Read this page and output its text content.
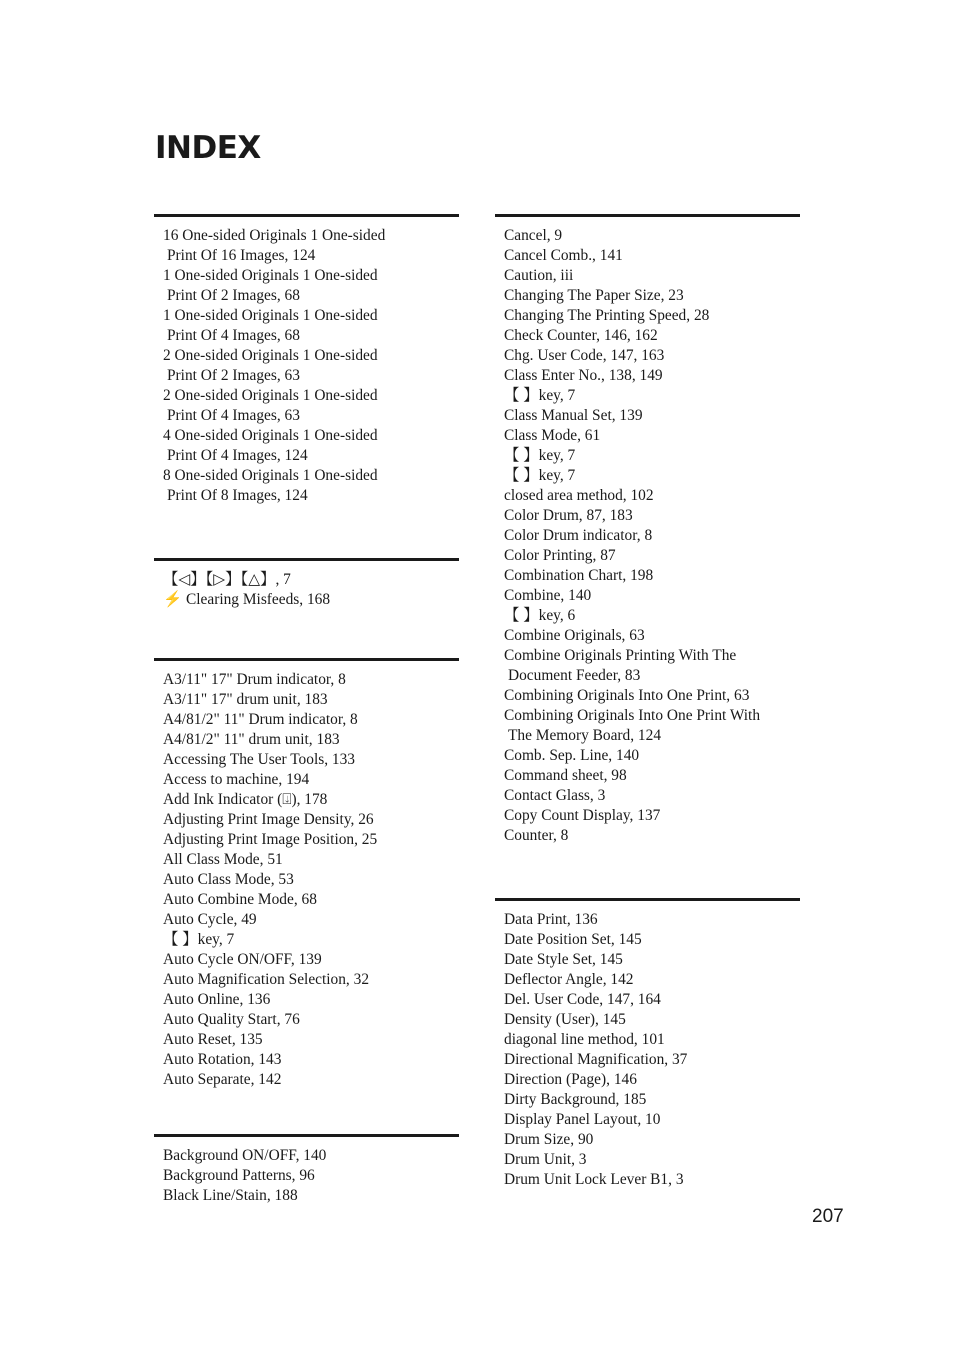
INDEX
16 One-sided Originals 1 One-sided
Print Of 16 Images, 124
1 One-sided Originals 1 One-sided
Print Of 2 Images, 68
1 One-sided Originals 1 One-sided
Print Of 4 Images, 68
2 One-sided Originals 1 One-sided
Print Of 2 Images, 63
2 One-sided Originals 1 One-sided
Print Of 4 Images, 63
4 One-sided Originals 1 One-sided
Print Of 4 Images, 124
8 One-sided Originals 1 One-sided
Print Of 8 Images, 124
【◁】【▷】【△】, 7
⚡ Clearing Misfeeds, 168
A3/11" 17" Drum indicator, 8
A3/11" 17" drum unit, 183
A4/81/2" 11" Drum indicator, 8
A4/81/2" 11" drum unit, 183
Accessing The User Tools, 133
Access to machine, 194
Add Ink Indicator (⍗), 178
Adjusting Print Image Density, 26
Adjusting Print Image Position, 25
All Class Mode, 51
Auto Class Mode, 53
Auto Combine Mode, 68
Auto Cycle, 49
【 】key, 7
Auto Cycle ON/OFF, 139
Auto Magnification Selection, 32
Auto Online, 136
Auto Quality Start, 76
Auto Reset, 135
Auto Rotation, 143
Auto Separate, 142
Background ON/OFF, 140
Background Patterns, 96
Black Line/Stain, 188
Cancel, 9
Cancel Comb., 141
Caution, iii
Changing The Paper Size, 23
Changing The Printing Speed, 28
Check Counter, 146, 162
Chg. User Code, 147, 163
Class Enter No., 138, 149
【 】key, 7
Class Manual Set, 139
Class Mode, 61
【 】key, 7
【 】key, 7
closed area method, 102
Color Drum, 87, 183
Color Drum indicator, 8
Color Printing, 87
Combination Chart, 198
Combine, 140
【 】key, 6
Combine Originals, 63
Combine Originals Printing With The
Document Feeder, 83
Combining Originals Into One Print, 63
Combining Originals Into One Print With
The Memory Board, 124
Comb. Sep. Line, 140
Command sheet, 98
Contact Glass, 3
Copy Count Display, 137
Counter, 8
Data Print, 136
Date Position Set, 145
Date Style Set, 145
Deflector Angle, 142
Del. User Code, 147, 164
Density (User), 145
diagonal line method, 101
Directional Magnification, 37
Direction (Page), 146
Dirty Background, 185
Display Panel Layout, 10
Drum Size, 90
Drum Unit, 3
Drum Unit Lock Lever B1, 3
207
